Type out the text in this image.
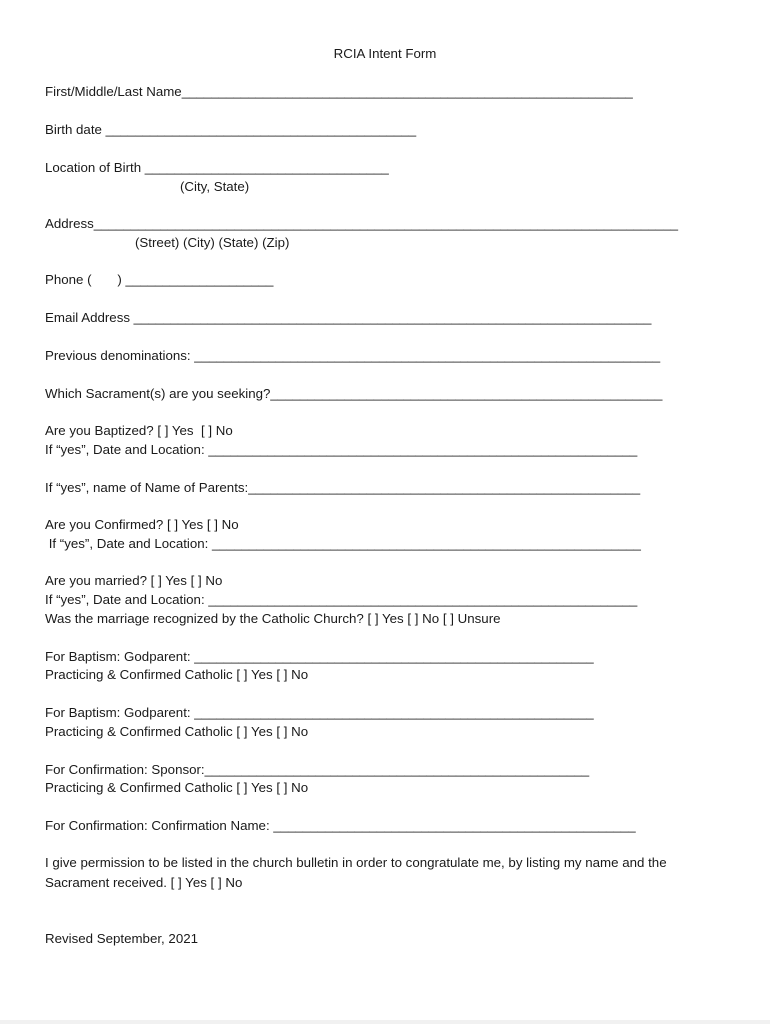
RCIA Intent Form

First/Middle/Last Name_____________________________________________________________

Birth date __________________________________________

Location of Birth _________________________________

(City, State)

Address_______________________________________________________________________________

(Street) (City) (State) (Zip)

Phone (       ) ____________________

Email Address ______________________________________________________________________

Previous denominations: _______________________________________________________________

Which Sacrament(s) are you seeking?_____________________________________________________

Are you Baptized? [ ] Yes  [ ] No

If “yes”, Date and Location: __________________________________________________________

If “yes”, name of Name of Parents:_____________________________________________________

Are you Confirmed? [ ] Yes [ ] No

If “yes”, Date and Location: __________________________________________________________

Are you married? [ ] Yes [ ] No

If “yes”, Date and Location: __________________________________________________________

Was the marriage recognized by the Catholic Church? [ ] Yes [ ] No [ ] Unsure

For Baptism: Godparent: ______________________________________________________

Practicing & Confirmed Catholic [ ] Yes [ ] No

For Baptism: Godparent: ______________________________________________________

Practicing & Confirmed Catholic [ ] Yes [ ] No

For Confirmation: Sponsor:____________________________________________________

Practicing & Confirmed Catholic [ ] Yes [ ] No

For Confirmation: Confirmation Name: _________________________________________________

I give permission to be listed in the church bulletin in order to congratulate me, by listing my name and the

Sacrament received. [ ] Yes [ ] No

Revised September, 2021
